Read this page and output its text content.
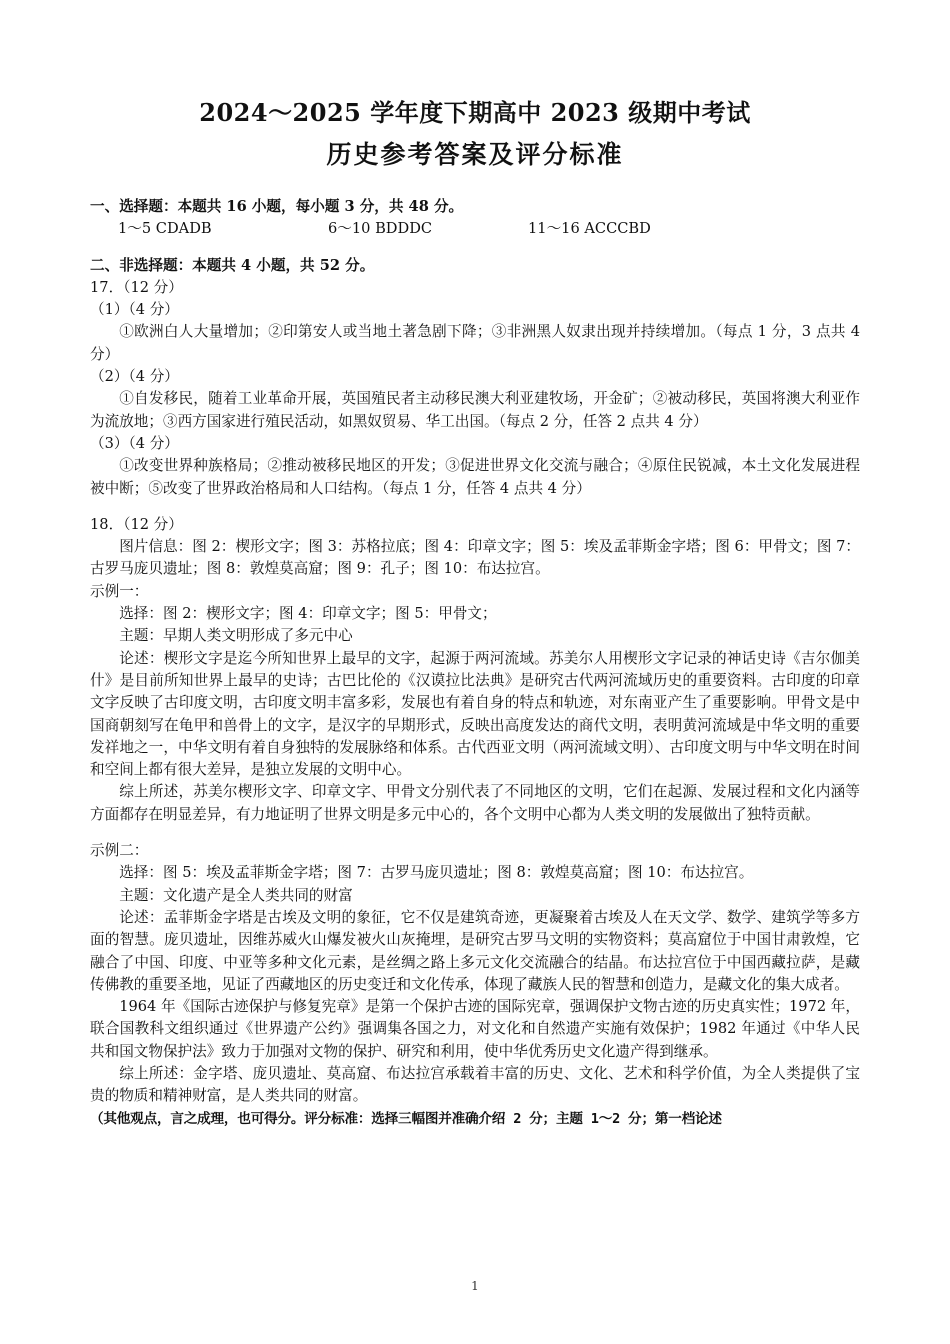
2024～2025 学年度下期高中 2023 级期中考试
历史参考答案及评分标准

一、选择题：本题共 16 小题，每小题 3 分，共 48 分。

1～5 CDADB	6～10 BDDDC	11～16 ACCCBD

二、非选择题：本题共 4 小题，共 52 分。

17．（12 分）

（1）（4 分）

①欧洲白人大量增加；②印第安人或当地土著急剧下降；③非洲黑人奴隶出现并持续增加。（每点 1 分，3 点共 4 分）

（2）（4 分）

①自发移民，随着工业革命开展，英国殖民者主动移民澳大利亚建牧场，开金矿；②被动移民，英国将澳大利亚作为流放地；③西方国家进行殖民活动，如黑奴贸易、华工出国。（每点 2 分，任答 2 点共 4 分）

（3）（4 分）

①改变世界种族格局；②推动被移民地区的开发；③促进世界文化交流与融合；④原住民锐减，本土文化发展进程被中断；⑤改变了世界政治格局和人口结构。（每点 1 分，任答 4 点共 4 分）

18．（12 分）

图片信息：图 2：楔形文字；图 3：苏格拉底；图 4：印章文字；图 5：埃及孟菲斯金字塔；图 6：甲骨文；图 7：古罗马庞贝遗址；图 8：敦煌莫高窟；图 9：孔子；图 10：布达拉宫。

示例一：

选择：图 2：楔形文字；图 4：印章文字；图 5：甲骨文；

主题：早期人类文明形成了多元中心

论述：楔形文字是迄今所知世界上最早的文字，起源于两河流域。苏美尔人用楔形文字记录的神话史诗《吉尔伽美什》是目前所知世界上最早的史诗；古巴比伦的《汉谟拉比法典》是研究古代两河流域历史的重要资料。古印度的印章文字反映了古印度文明，古印度文明丰富多彩，发展也有着自身的特点和轨迹，对东南亚产生了重要影响。甲骨文是中国商朝刻写在龟甲和兽骨上的文字，是汉字的早期形式，反映出高度发达的商代文明，表明黄河流域是中华文明的重要发祥地之一，中华文明有着自身独特的发展脉络和体系。古代西亚文明（两河流域文明）、古印度文明与中华文明在时间和空间上都有很大差异，是独立发展的文明中心。

综上所述，苏美尔楔形文字、印章文字、甲骨文分别代表了不同地区的文明，它们在起源、发展过程和文化内涵等方面都存在明显差异，有力地证明了世界文明是多元中心的，各个文明中心都为人类文明的发展做出了独特贡献。

示例二：

选择：图 5：埃及孟菲斯金字塔；图 7：古罗马庞贝遗址；图 8：敦煌莫高窟；图 10：布达拉宫。

主题：文化遗产是全人类共同的财富

论述：孟菲斯金字塔是古埃及文明的象征，它不仅是建筑奇迹，更凝聚着古埃及人在天文学、数学、建筑学等多方面的智慧。庞贝遗址，因维苏威火山爆发被火山灰掩埋，是研究古罗马文明的实物资料；莫高窟位于中国甘肃敦煌，它融合了中国、印度、中亚等多种文化元素，是丝绸之路上多元文化交流融合的结晶。布达拉宫位于中国西藏拉萨，是藏传佛教的重要圣地，见证了西藏地区的历史变迁和文化传承，体现了藏族人民的智慧和创造力，是藏文化的集大成者。

1964 年《国际古迹保护与修复宪章》是第一个保护古迹的国际宪章，强调保护文物古迹的历史真实性；1972 年，联合国教科文组织通过《世界遗产公约》强调集各国之力，对文化和自然遗产实施有效保护；1982 年通过《中华人民共和国文物保护法》致力于加强对文物的保护、研究和利用，使中华优秀历史文化遗产得到继承。

综上所述：金字塔、庞贝遗址、莫高窟、布达拉宫承载着丰富的历史、文化、艺术和科学价值，为全人类提供了宝贵的物质和精神财富，是人类共同的财富。

（其他观点，言之成理，也可得分。评分标准：选择三幅图并准确介绍 2 分；主题 1～2 分；第一档论述

1
